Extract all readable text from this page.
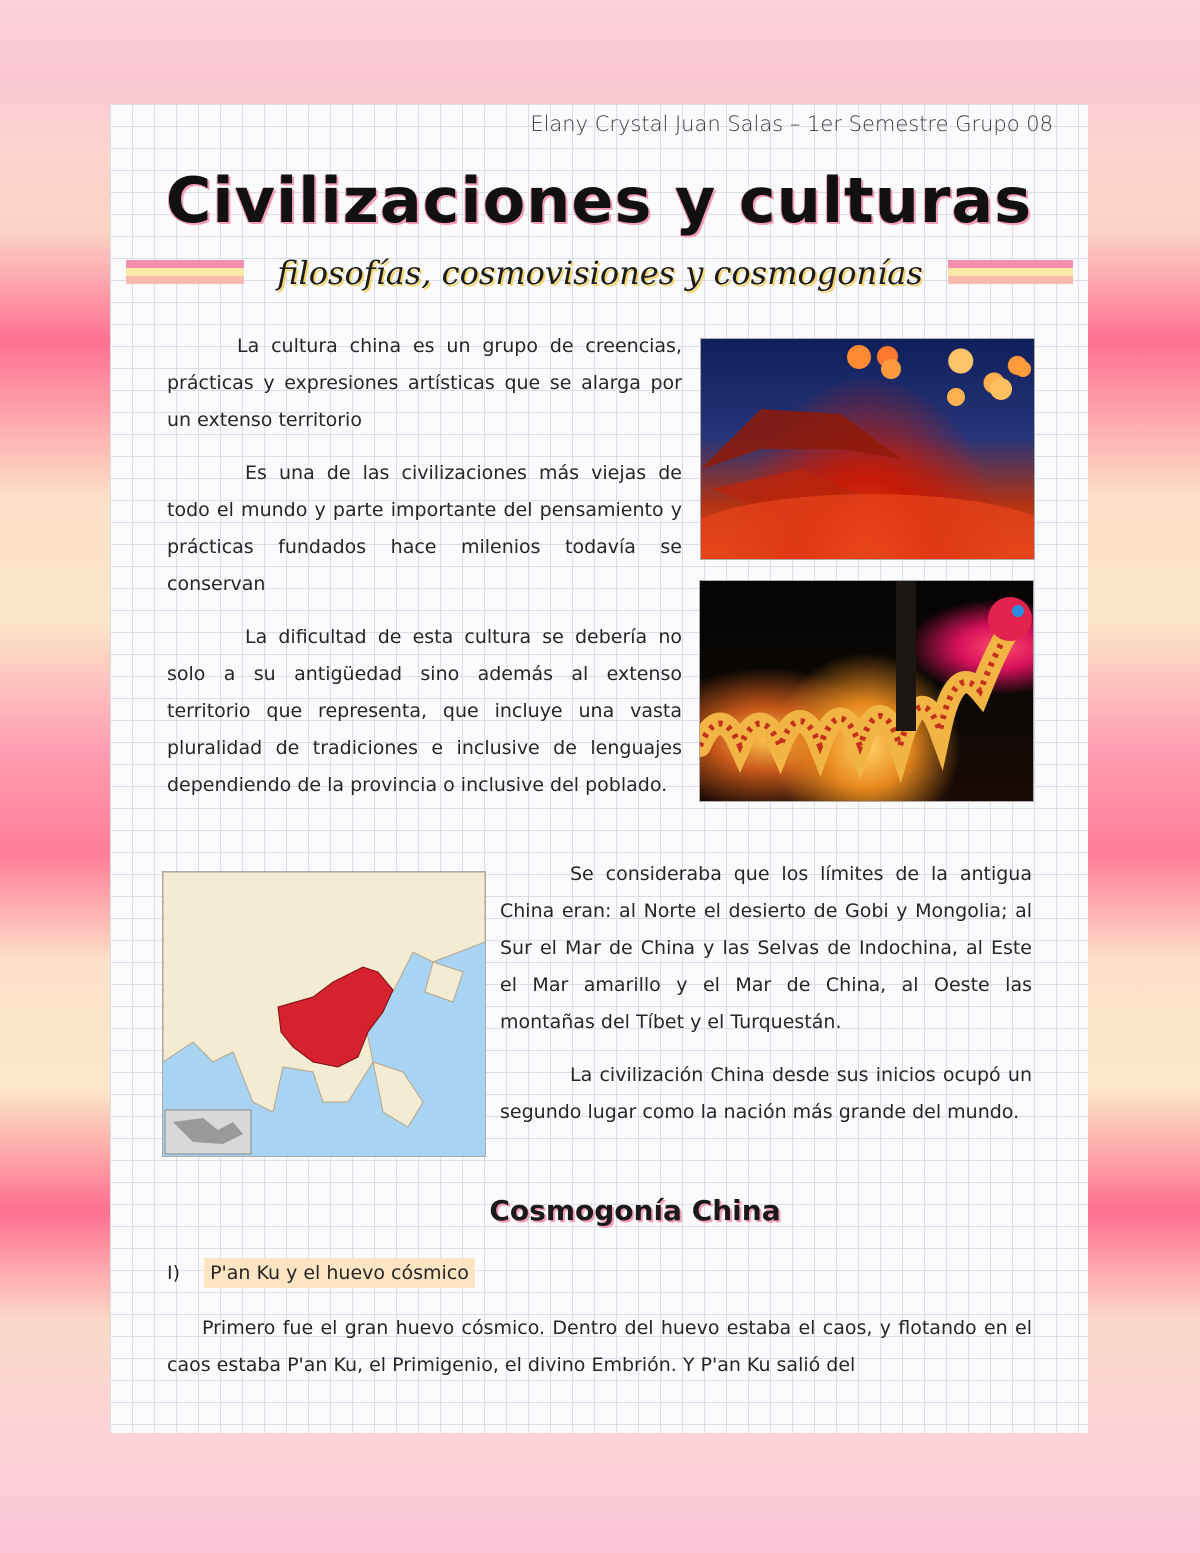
Elany Crystal Juan Salas – 1er Semestre Grupo 08
Civilizaciones y culturas
filosofías, cosmovisiones y cosmogonías

La cultura china es un grupo de creencias, prácticas y expresiones artísticas que se alarga por un extenso territorio

Es una de las civilizaciones más viejas de todo el mundo y parte importante del pensamiento y prácticas fundados hace milenios todavía se conservan

La dificultad de esta cultura se debería no solo a su antigüedad sino además al extenso territorio que representa, que incluye una vasta pluralidad de tradiciones e inclusive de lenguajes dependiendo de la provincia o inclusive del poblado.

Se consideraba que los límites de la antigua China eran: al Norte el desierto de Gobi y Mongolia; al Sur el Mar de China y las Selvas de Indochina, al Este el Mar amarillo y el Mar de China, al Oeste las montañas del Tíbet y el Turquestán.

La civilización China desde sus inicios ocupó un segundo lugar como la nación más grande del mundo.

Cosmogonía China
I) P'an Ku y el huevo cósmico

Primero fue el gran huevo cósmico. Dentro del huevo estaba el caos, y flotando en el caos estaba P'an Ku, el Primigenio, el divino Embrión. Y P'an Ku salió del
